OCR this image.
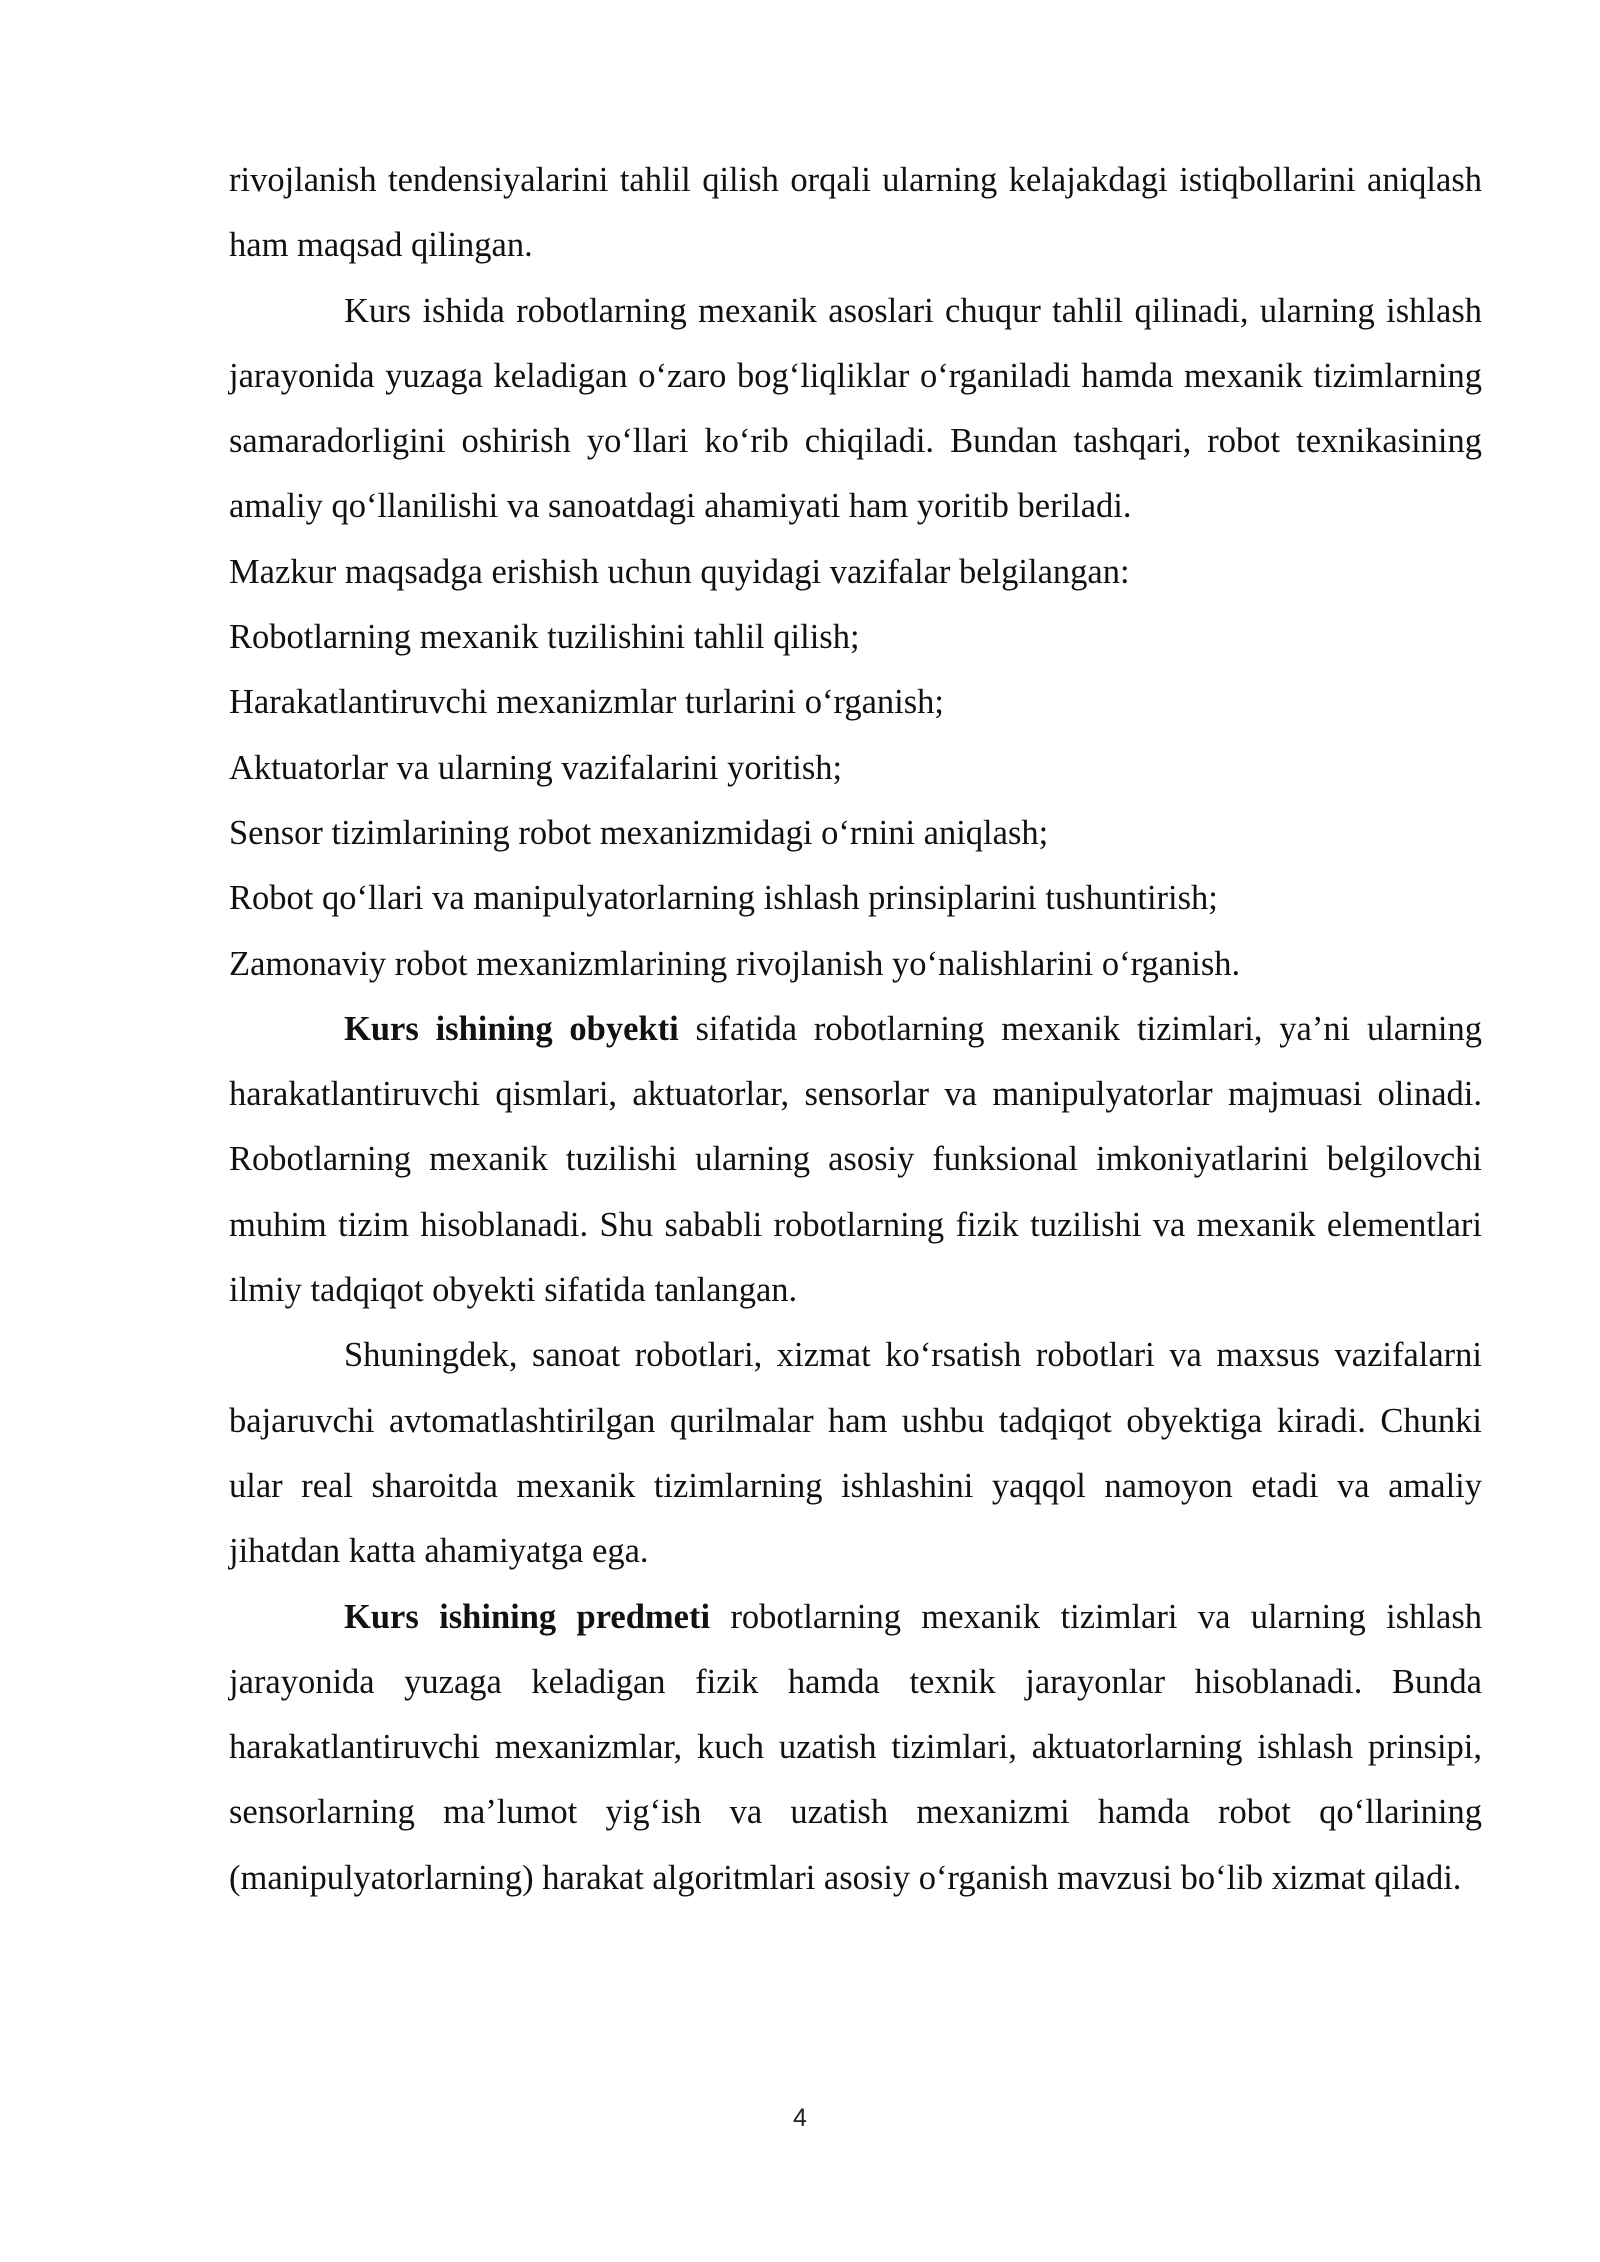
rivojlanish tendensiyalarini tahlil qilish orqali ularning kelajakdagi istiqbollarini aniqlash ham maqsad qilingan.

Kurs ishida robotlarning mexanik asoslari chuqur tahlil qilinadi, ularning ishlash jarayonida yuzaga keladigan o‘zaro bog‘liqliklar o‘rganiladi hamda mexanik tizimlarning samaradorligini oshirish yo‘llari ko‘rib chiqiladi. Bundan tashqari, robot texnikasining amaliy qo‘llanilishi va sanoatdagi ahamiyati ham yoritib beriladi.

Mazkur maqsadga erishish uchun quyidagi vazifalar belgilangan:

Robotlarning mexanik tuzilishini tahlil qilish;

Harakatlantiruvchi mexanizmlar turlarini o‘rganish;

Aktuatorlar va ularning vazifalarini yoritish;

Sensor tizimlarining robot mexanizmidagi o‘rnini aniqlash;

Robot qo‘llari va manipulyatorlarning ishlash prinsiplarini tushuntirish;

Zamonaviy robot mexanizmlarining rivojlanish yo‘nalishlarini o‘rganish.

Kurs ishining obyekti sifatida robotlarning mexanik tizimlari, ya’ni ularning harakatlantiruvchi qismlari, aktuatorlar, sensorlar va manipulyatorlar majmuasi olinadi. Robotlarning mexanik tuzilishi ularning asosiy funksional imkoniyatlarini belgilovchi muhim tizim hisoblanadi. Shu sababli robotlarning fizik tuzilishi va mexanik elementlari ilmiy tadqiqot obyekti sifatida tanlangan.

Shuningdek, sanoat robotlari, xizmat ko‘rsatish robotlari va maxsus vazifalarni bajaruvchi avtomatlashtirilgan qurilmalar ham ushbu tadqiqot obyektiga kiradi. Chunki ular real sharoitda mexanik tizimlarning ishlashini yaqqol namoyon etadi va amaliy jihatdan katta ahamiyatga ega.

Kurs ishining predmeti robotlarning mexanik tizimlari va ularning ishlash jarayonida yuzaga keladigan fizik hamda texnik jarayonlar hisoblanadi. Bunda harakatlantiruvchi mexanizmlar, kuch uzatish tizimlari, aktuatorlarning ishlash prinsipi, sensorlarning ma’lumot yig‘ish va uzatish mexanizmi hamda robot qo‘llarining (manipulyatorlarning) harakat algoritmlari asosiy o‘rganish mavzusi bo‘lib xizmat qiladi.

4
